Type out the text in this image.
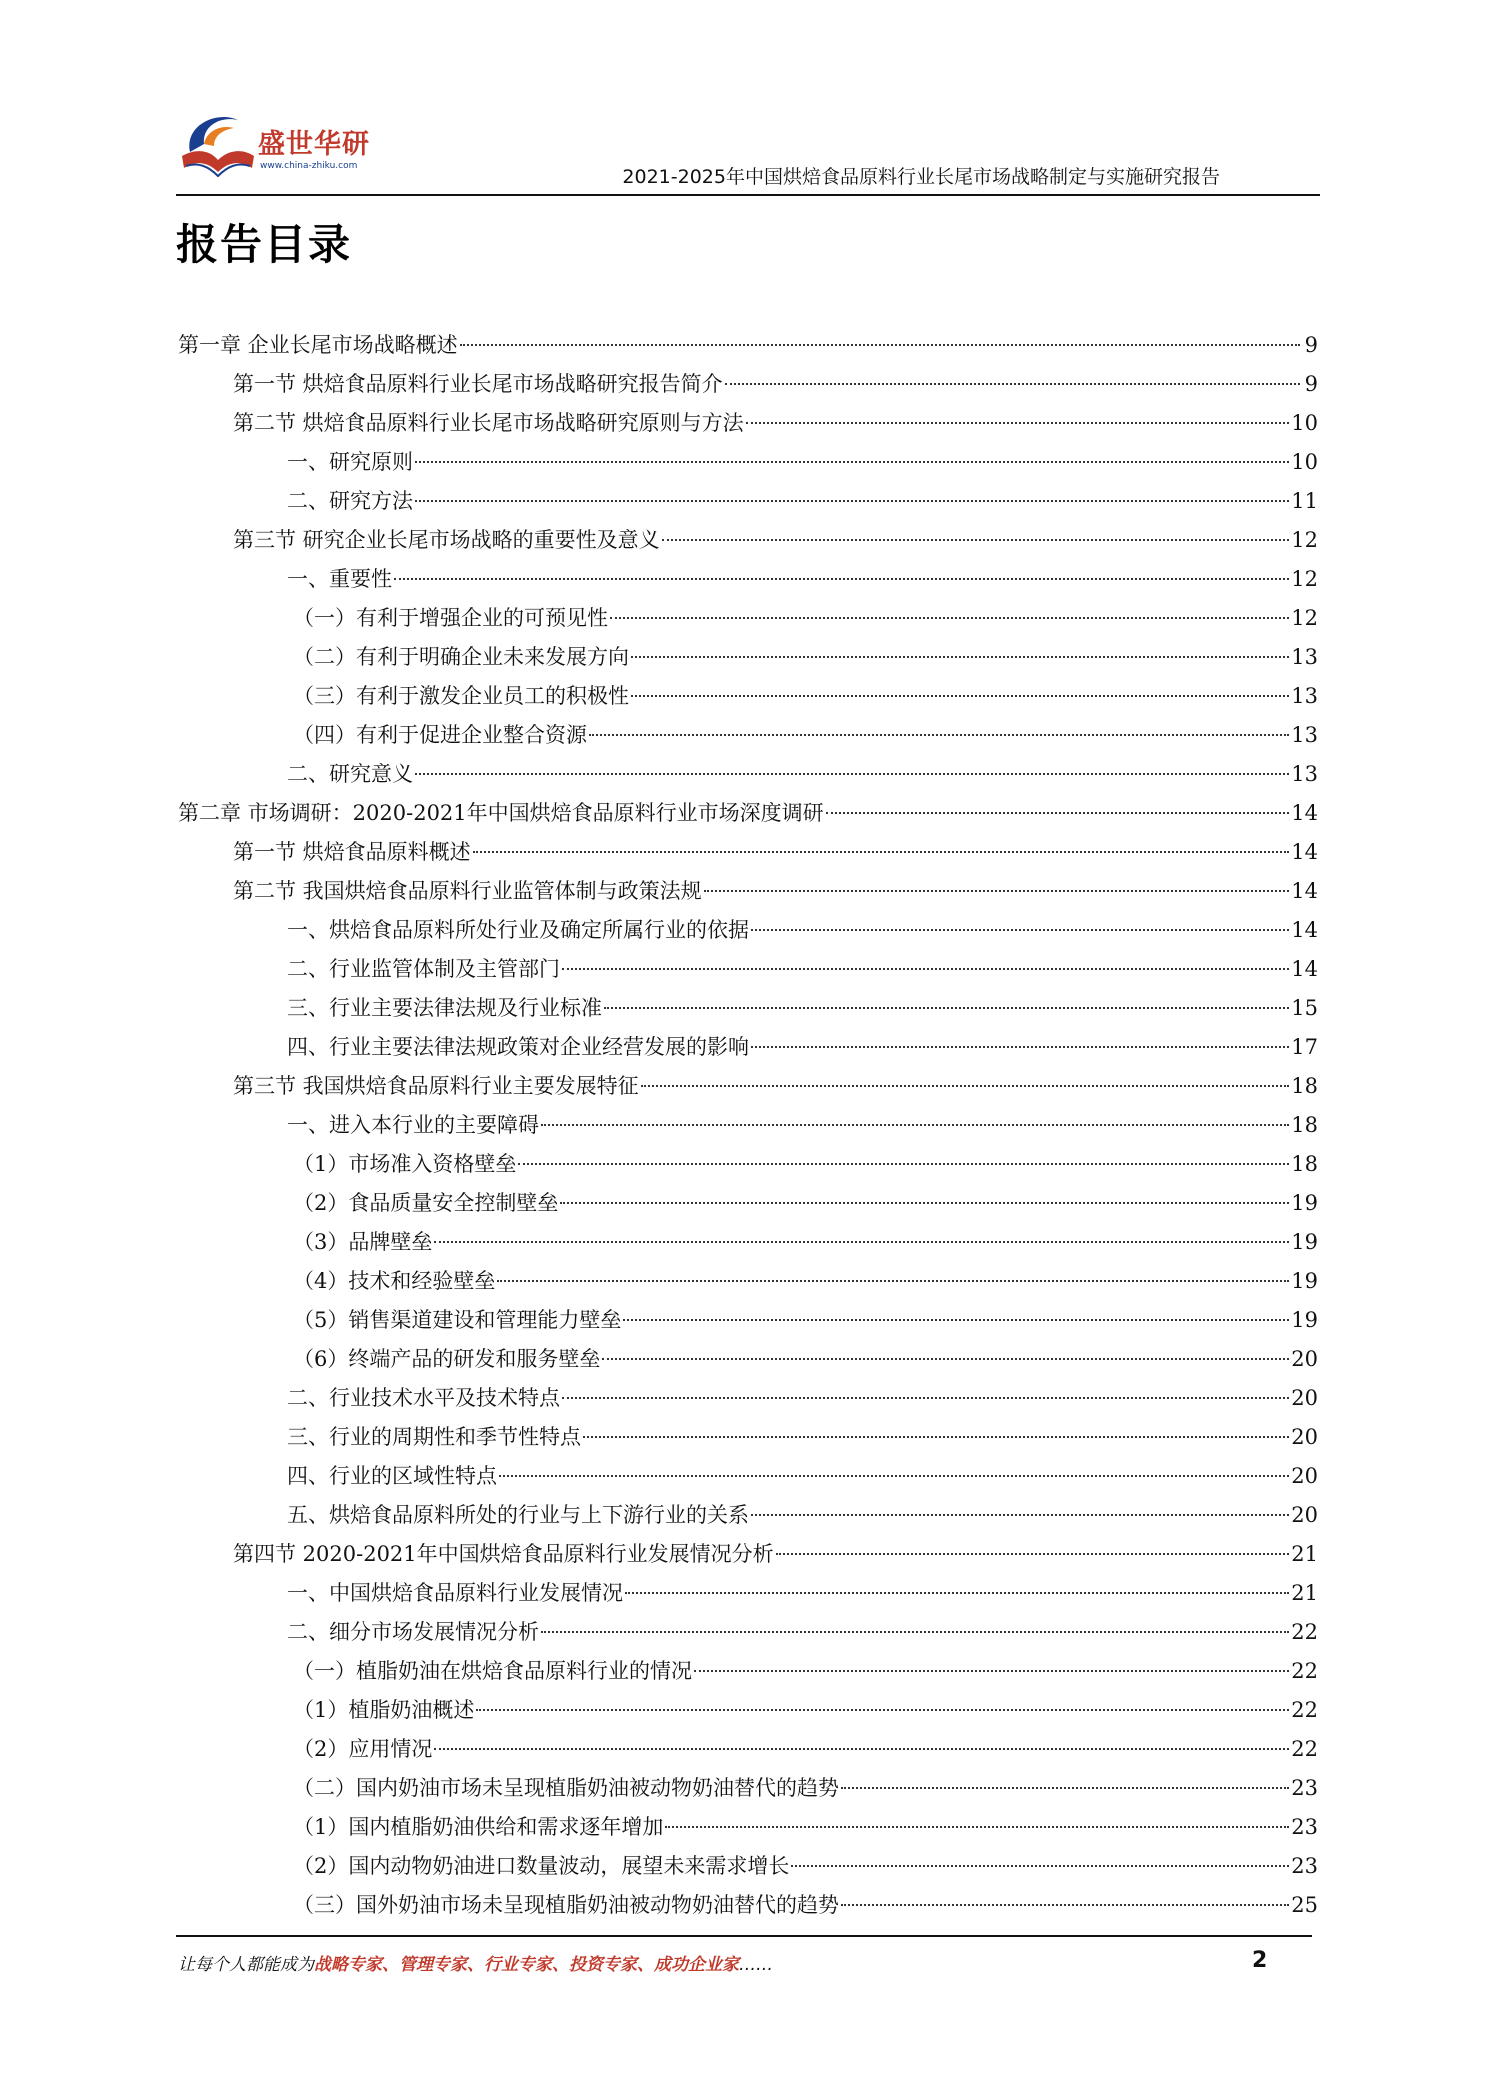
盛世华研
www.china-zhiku.com	2021-2025年中国烘焙食品原料行业长尾市场战略制定与实施研究报告
报告目录
第一章 企业长尾市场战略概述	9
第一节 烘焙食品原料行业长尾市场战略研究报告简介	9
第二节 烘焙食品原料行业长尾市场战略研究原则与方法	10
一、研究原则	10
二、研究方法	11
第三节 研究企业长尾市场战略的重要性及意义	12
一、重要性	12
（一）有利于增强企业的可预见性	12
（二）有利于明确企业未来发展方向	13
（三）有利于激发企业员工的积极性	13
（四）有利于促进企业整合资源	13
二、研究意义	13
第二章 市场调研：2020-2021年中国烘焙食品原料行业市场深度调研	14
第一节 烘焙食品原料概述	14
第二节 我国烘焙食品原料行业监管体制与政策法规	14
一、烘焙食品原料所处行业及确定所属行业的依据	14
二、行业监管体制及主管部门	14
三、行业主要法律法规及行业标准	15
四、行业主要法律法规政策对企业经营发展的影响	17
第三节 我国烘焙食品原料行业主要发展特征	18
一、进入本行业的主要障碍	18
（1）市场准入资格壁垒	18
（2）食品质量安全控制壁垒	19
（3）品牌壁垒	19
（4）技术和经验壁垒	19
（5）销售渠道建设和管理能力壁垒	19
（6）终端产品的研发和服务壁垒	20
二、行业技术水平及技术特点	20
三、行业的周期性和季节性特点	20
四、行业的区域性特点	20
五、烘焙食品原料所处的行业与上下游行业的关系	20
第四节 2020-2021年中国烘焙食品原料行业发展情况分析	21
一、中国烘焙食品原料行业发展情况	21
二、细分市场发展情况分析	22
（一）植脂奶油在烘焙食品原料行业的情况	22
（1）植脂奶油概述	22
（2）应用情况	22
（二）国内奶油市场未呈现植脂奶油被动物奶油替代的趋势	23
（1）国内植脂奶油供给和需求逐年增加	23
（2）国内动物奶油进口数量波动，展望未来需求增长	23
（三）国外奶油市场未呈现植脂奶油被动物奶油替代的趋势	25
让每个人都能成为战略专家、管理专家、行业专家、投资专家、成功企业家……	2
